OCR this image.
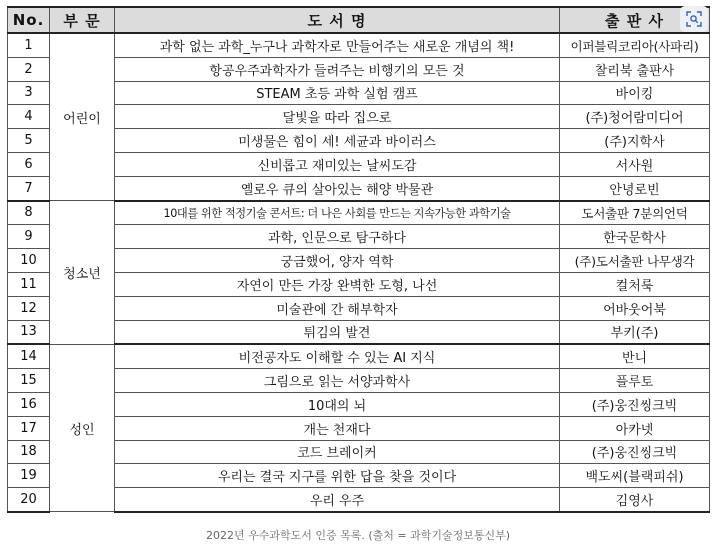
No.	부 문	도 서 명	출 판 사
1	어린이	과학 없는 과학_누구나 과학자로 만들어주는 새로운 개념의 책!	이퍼블릭코리아(사파리)
2		항공우주과학자가 들려주는 비행기의 모든 것	찰리북 출판사
3		STEAM 초등 과학 실험 캠프	바이킹
4		달빛을 따라 집으로	(주)청어람미디어
5		미생물은 힘이 세! 세균과 바이러스	(주)지학사
6		신비롭고 재미있는 날씨도감	서사원
7		옐로우 큐의 살아있는 해양 박물관	안녕로빈
8	청소년	10대를 위한 적정기술 콘서트: 더 나은 사회를 만드는 지속가능한 과학기술	도서출판 7분의언덕
9		과학, 인문으로 탐구하다	한국문학사
10		궁금했어, 양자 역학	(주)도서출판 나무생각
11		자연이 만든 가장 완벽한 도형, 나선	컬처룩
12		미술관에 간 해부학자	어바웃어북
13		튀김의 발견	부키(주)
14	성인	비전공자도 이해할 수 있는 AI 지식	반니
15		그림으로 읽는 서양과학사	플루토
16		10대의 뇌	(주)웅진씽크빅
17		개는 천재다	아카넷
18		코드 브레이커	(주)웅진씽크빅
19		우리는 결국 지구를 위한 답을 찾을 것이다	백도씨(블랙피쉬)
20		우리 우주	김영사
2022년 우수과학도서 인증 목록. (출처 = 과학기술정보통신부)
